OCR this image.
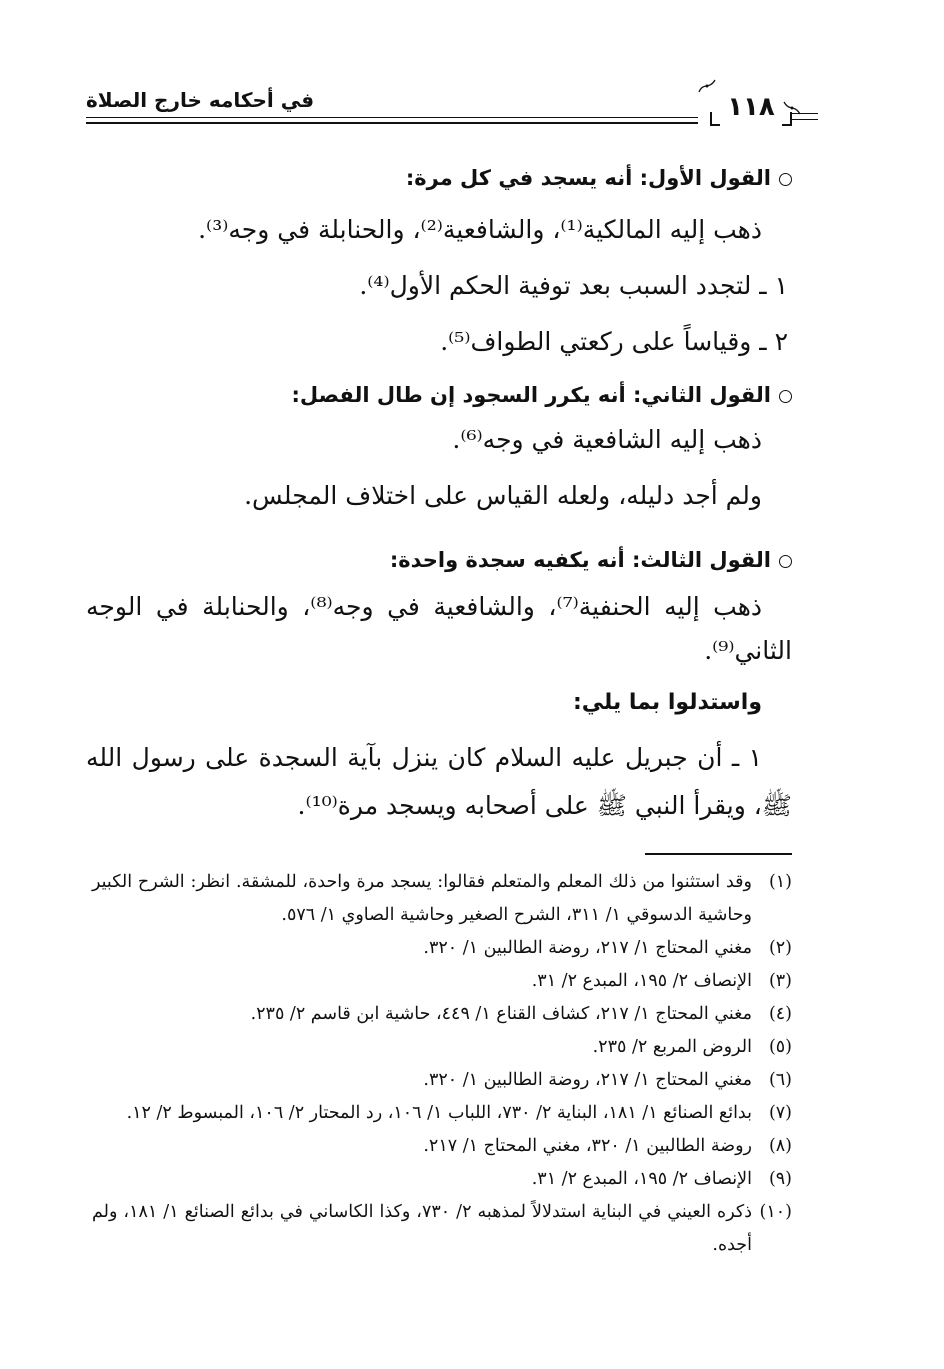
في أحكامه خارج الصلاة	١١٨
القول الأول: أنه يسجد في كل مرة:
ذهب إليه المالكية⁽¹⁾، والشافعية⁽²⁾، والحنابلة في وجه⁽³⁾.
١ ـ لتجدد السبب بعد توفية الحكم الأول⁽⁴⁾.
٢ ـ وقياساً على ركعتي الطواف⁽⁵⁾.
القول الثاني: أنه يكرر السجود إن طال الفصل:
ذهب إليه الشافعية في وجه⁽⁶⁾.
ولم أجد دليله، ولعله القياس على اختلاف المجلس.
القول الثالث: أنه يكفيه سجدة واحدة:
ذهب إليه الحنفية⁽⁷⁾، والشافعية في وجه⁽⁸⁾، والحنابلة في الوجه الثاني⁽⁹⁾.
واستدلوا بما يلي:
١ ـ أن جبريل عليه السلام كان ينزل بآية السجدة على رسول الله ﷺ، ويقرأ النبي ﷺ على أصحابه ويسجد مرة⁽¹⁰⁾.
(١)
وقد استثنوا من ذلك المعلم والمتعلم فقالوا: يسجد مرة واحدة، للمشقة. انظر: الشرح الكبير وحاشية الدسوقي ١/ ٣١١، الشرح الصغير وحاشية الصاوي ١/ ٥٧٦.
(٢)
مغني المحتاج ١/ ٢١٧، روضة الطالبين ١/ ٣٢٠.
(٣)
الإنصاف ٢/ ١٩٥، المبدع ٢/ ٣١.
(٤)
مغني المحتاج ١/ ٢١٧، كشاف القناع ١/ ٤٤٩، حاشية ابن قاسم ٢/ ٢٣٥.
(٥)
الروض المربع ٢/ ٢٣٥.
(٦)
مغني المحتاج ١/ ٢١٧، روضة الطالبين ١/ ٣٢٠.
(٧)
بدائع الصنائع ١/ ١٨١، البناية ٢/ ٧٣٠، اللباب ١/ ١٠٦، رد المحتار ٢/ ١٠٦، المبسوط ٢/ ١٢.
(٨)
روضة الطالبين ١/ ٣٢٠، مغني المحتاج ١/ ٢١٧.
(٩)
الإنصاف ٢/ ١٩٥، المبدع ٢/ ٣١.
(١٠)
ذكره العيني في البناية استدلالاً لمذهبه ٢/ ٧٣٠، وكذا الكاساني في بدائع الصنائع ١/ ١٨١، ولم أجده.
